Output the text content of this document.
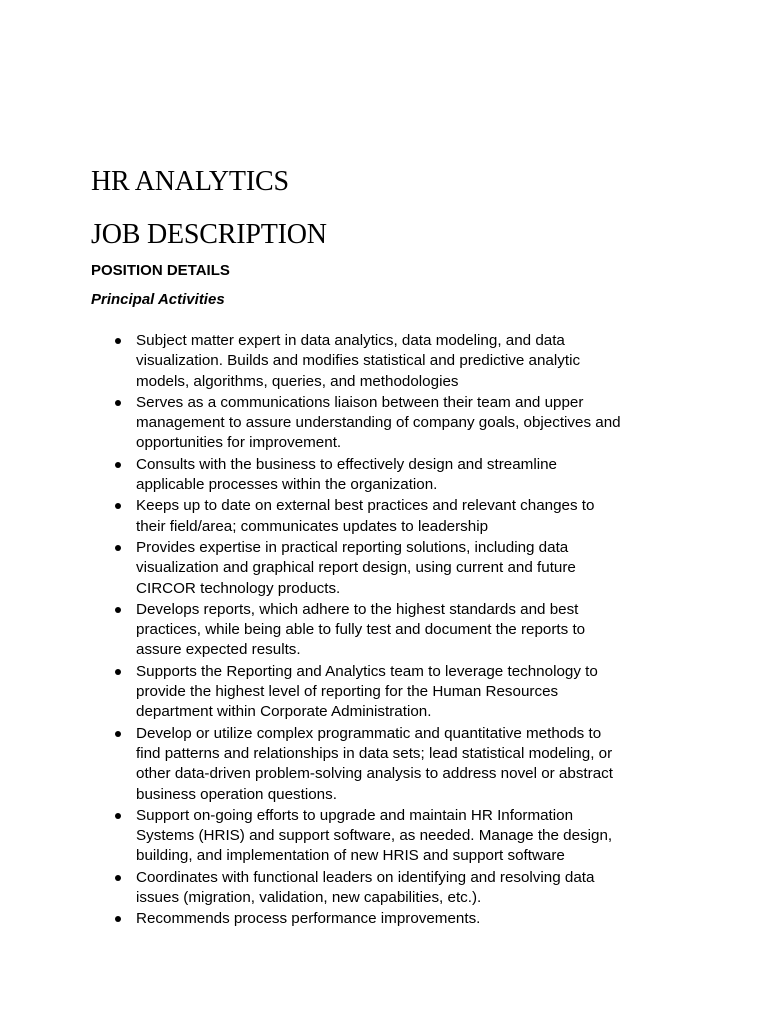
HR ANALYTICS
JOB DESCRIPTION
POSITION DETAILS
Principal Activities
Subject matter expert in data analytics, data modeling, and data
visualization. Builds and modifies statistical and predictive analytic
models, algorithms, queries, and methodologies
Serves as a communications liaison between their team and upper
management to assure understanding of company goals, objectives and
opportunities for improvement.
Consults with the business to effectively design and streamline
applicable processes within the organization.
Keeps up to date on external best practices and relevant changes to
their field/area; communicates updates to leadership
Provides expertise in practical reporting solutions, including data
visualization and graphical report design, using current and future
CIRCOR technology products.
Develops reports, which adhere to the highest standards and best
practices, while being able to fully test and document the reports to
assure expected results.
Supports the Reporting and Analytics team to leverage technology to
provide the highest level of reporting for the Human Resources
department within Corporate Administration.
Develop or utilize complex programmatic and quantitative methods to
find patterns and relationships in data sets; lead statistical modeling, or
other data-driven problem-solving analysis to address novel or abstract
business operation questions.
Support on-going efforts to upgrade and maintain HR Information
Systems (HRIS) and support software, as needed. Manage the design,
building, and implementation of new HRIS and support software
Coordinates with functional leaders on identifying and resolving data
issues (migration, validation, new capabilities, etc.).
Recommends process performance improvements.
